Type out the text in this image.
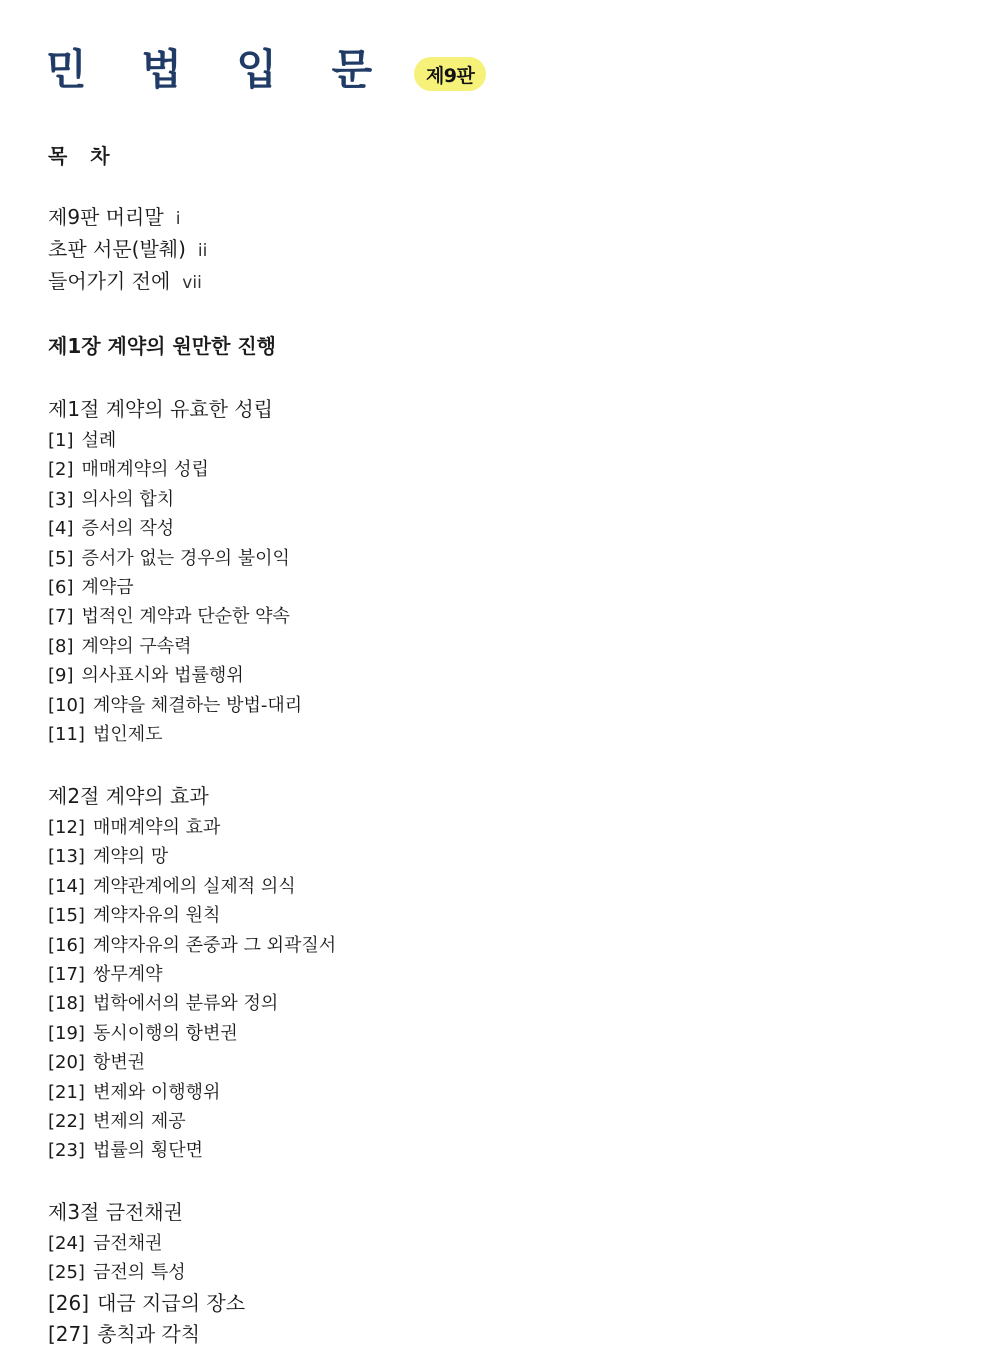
민 법 입 문	제9판
목 차
제9판 머리말 i
초판 서문(발췌) ii
들어가기 전에 vii
제1장 계약의 원만한 진행
제1절 계약의 유효한 성립
[1] 설례
[2] 매매계약의 성립
[3] 의사의 합치
[4] 증서의 작성
[5] 증서가 없는 경우의 불이익
[6] 계약금
[7] 법적인 계약과 단순한 약속
[8] 계약의 구속력
[9] 의사표시와 법률행위
[10] 계약을 체결하는 방법-대리
[11] 법인제도
제2절 계약의 효과
[12] 매매계약의 효과
[13] 계약의 망
[14] 계약관계에의 실제적 의식
[15] 계약자유의 원칙
[16] 계약자유의 존중과 그 외곽질서
[17] 쌍무계약
[18] 법학에서의 분류와 정의
[19] 동시이행의 항변권
[20] 항변권
[21] 변제와 이행행위
[22] 변제의 제공
[23] 법률의 횡단면
제3절 금전채권
[24] 금전채권
[25] 금전의 특성
[26] 대금 지급의 장소
[27] 총칙과 각칙
